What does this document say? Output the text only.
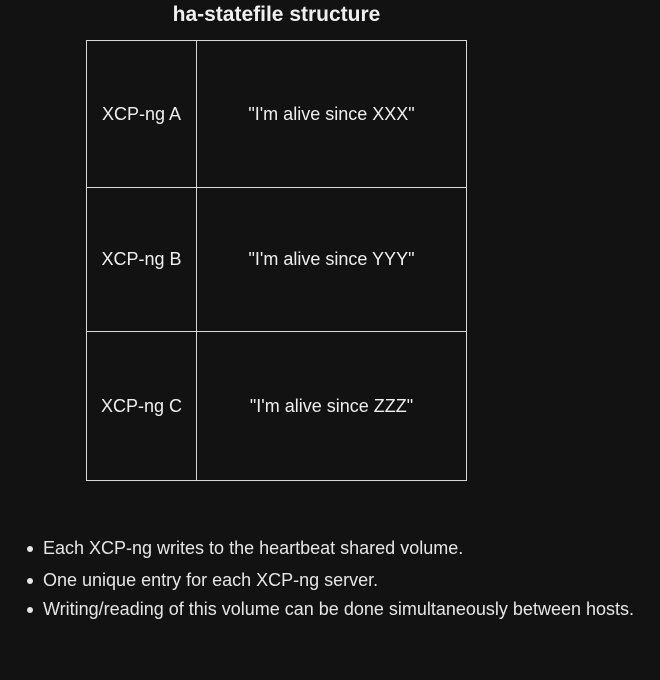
ha-statefile structure
XCP-ng A	"I'm alive since XXX"
XCP-ng B	"I'm alive since YYY"
XCP-ng C	"I'm alive since ZZZ"
Each XCP-ng writes to the heartbeat shared volume.
One unique entry for each XCP-ng server.
Writing/reading of this volume can be done simultaneously between hosts.
